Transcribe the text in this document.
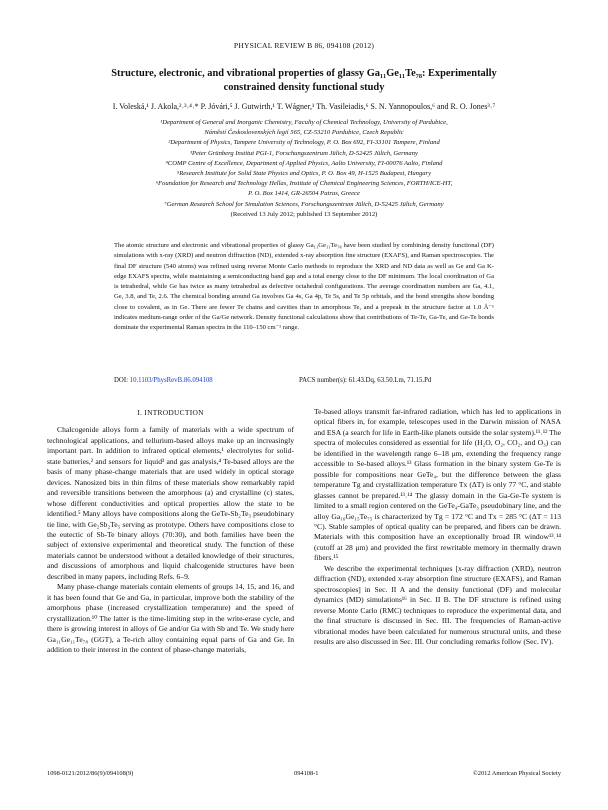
PHYSICAL REVIEW B 86, 094108 (2012)
Structure, electronic, and vibrational properties of glassy Ga₁₁Ge₁₁Te₇₈: Experimentally
constrained density functional study
I. Voleská,¹ J. Akola,²˒³˒⁴˒* P. Jóvári,⁵ J. Gutwirth,¹ T. Wágner,¹ Th. Vasileiadis,⁶ S. N. Yannopoulos,⁶ and R. O. Jones³˒⁷
¹Department of General and Inorganic Chemistry, Faculty of Chemical Technology, University of Pardubice,
Náměstí Československých legií 565, CZ-53210 Pardubice, Czech Republic
²Department of Physics, Tampere University of Technology, P. O. Box 692, FI-33101 Tampere, Finland
³Peter Grünberg Institut PGI-1, Forschungszentrum Jülich, D-52425 Jülich, Germany
⁴COMP Centre of Excellence, Department of Applied Physics, Aalto University, FI-00076 Aalto, Finland
⁵Research Institute for Solid State Physics and Optics, P. O. Box 49, H-1525 Budapest, Hungary
⁶Foundation for Research and Technology Hellas, Institute of Chemical Engineering Sciences, FORTH/ICE-HT,
P. O. Box 1414, GR-26504 Patras, Greece
⁷German Research School for Simulation Sciences, Forschungszentrum Jülich, D-52425 Jülich, Germany
(Received 13 July 2012; published 13 September 2012)
The atomic structure and electronic and vibrational properties of glassy Ga₁₁Ge₁₁Te₇₈ have been studied by combining density functional (DF) simulations with x-ray (XRD) and neutron diffraction (ND), extended x-ray absorption fine structure (EXAFS), and Raman spectroscopies. The final DF structure (540 atoms) was refined using reverse Monte Carlo methods to reproduce the XRD and ND data as well as Ge and Ga K-edge EXAFS spectra, while maintaining a semiconducting band gap and a total energy close to the DF minimum. The local coordination of Ga is tetrahedral, while Ge has twice as many tetrahedral as defective octahedral configurations. The average coordination numbers are Ga, 4.1, Ge, 3.8, and Te, 2.6. The chemical bonding around Ga involves Ga 4s, Ga 4p, Te 5s, and Te 5p orbitals, and the bond strengths show bonding close to covalent, as in Ge. There are fewer Te chains and cavities than in amorphous Te, and a prepeak in the structure factor at 1.0 Å⁻¹ indicates medium-range order of the Ga/Ge network. Density functional calculations show that contributions of Te-Te, Ga-Te, and Ge-Te bonds dominate the experimental Raman spectra in the 110–150 cm⁻¹ range.
DOI: 10.1103/PhysRevB.86.094108	PACS number(s): 61.43.Dq, 63.50.Lm, 71.15.Pd
I. INTRODUCTION

Chalcogenide alloys form a family of materials with a wide spectrum of technological applications, and tellurium-based alloys make up an increasingly important part. In addition to infrared optical elements,¹ electrolytes for solid-state batteries,² and sensors for liquid³ and gas analysis,⁴ Te-based alloys are the basis of many phase-change materials that are used widely in optical storage devices. Nanosized bits in thin films of these materials show remarkably rapid and reversible transitions between the amorphous (a) and crystalline (c) states, whose different conductivities and optical properties allow the state to be identified.⁵ Many alloys have compositions along the GeTe-Sb₂Te₃ pseudobinary tie line, with Ge₂Sb₂Te₅ serving as prototype. Others have compositions close to the eutectic of Sb-Te binary alloys (70:30), and both families have been the subject of extensive experimental and theoretical study. The function of these materials cannot be understood without a detailed knowledge of their structures, and discussions of amorphous and liquid chalcogenide structures have been described in many papers, including Refs. 6–9.

Many phase-change materials contain elements of groups 14, 15, and 16, and it has been found that Ge and Ga, in particular, improve both the stability of the amorphous phase (increased crystallization temperature) and the speed of crystallization.¹⁰ The latter is the time-limiting step in the write-erase cycle, and there is growing interest in alloys of Ge and/or Ga with Sb and Te. We study here Ga₁₁Ge₁₁Te₇₈ (GGT), a Te-rich alloy containing equal parts of Ga and Ge. In addition to their interest in the context of phase-change materials,

Te-based alloys transmit far-infrared radiation, which has led to applications in optical fibers in, for example, telescopes used in the Darwin mission of NASA and ESA (a search for life in Earth-like planets outside the solar system).¹¹˒¹² The spectra of molecules considered as essential for life (H₂O, O₂, CO₂, and O₃) can be identified in the wavelength range 6–18 μm, extending the frequency range accessible to Se-based alloys.¹³ Glass formation in the binary system Ge-Te is possible for compositions near GeTe₄, but the difference between the glass temperature Tg and crystallization temperature Tx (ΔT) is only 77 °C, and stable glasses cannot be prepared.¹³˒¹⁴ The glassy domain in the Ga-Ge-Te system is limited to a small region centered on the GeTe₄-GaTe₃ pseudobinary line, and the alloy Ga₁₀Ge₁₅Te₇₅ is characterized by Tg = 172 °C and Tx = 285 °C (ΔT = 113 °C). Stable samples of optical quality can be prepared, and fibers can be drawn. Materials with this composition have an exceptionally broad IR window¹³˒¹⁴ (cutoff at 28 μm) and provided the first rewritable memory in thermally drawn fibers.¹⁵

We describe the experimental techniques [x-ray diffraction (XRD), neutron diffraction (ND), extended x-ray absorption fine structure (EXAFS), and Raman spectroscopies] in Sec. II A and the density functional (DF) and molecular dynamics (MD) simulations¹⁶ in Sec. II B. The DF structure is refined using reverse Monte Carlo (RMC) techniques to reproduce the experimental data, and the final structure is discussed in Sec. III. The frequencies of Raman-active vibrational modes have been calculated for numerous structural units, and these results are also discussed in Sec. III. Our concluding remarks follow (Sec. IV).

1098-0121/2012/86(9)/094108(9)	094108-1	©2012 American Physical Society
